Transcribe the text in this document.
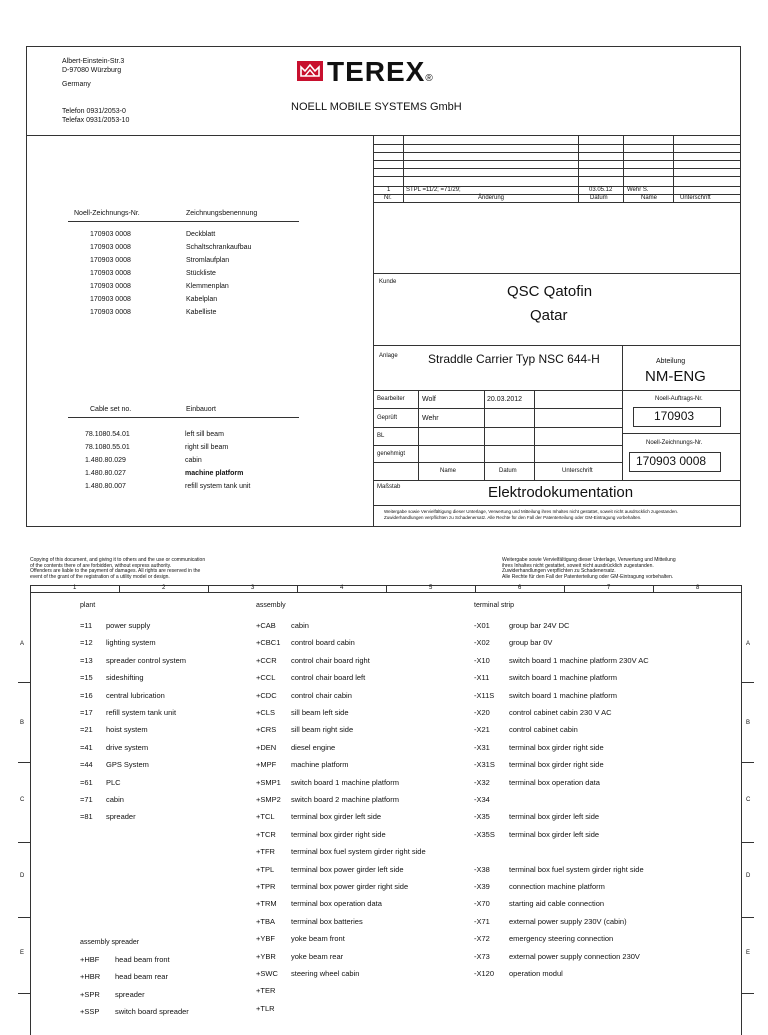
Albert-Einstein-Str.3
D-97080 Würzburg
Germany
Telefon 0931/2053-0
Telefax 0931/2053-10
TEREX®
NOELL MOBILE SYSTEMS GmbH
1	STPL =11/2; =71/29;	03.05.12 Wehr S.
Nr.	Änderung	Datum	Name	Unterschrift
Noell-Zeichnungs-Nr.	Zeichnungsbenennung
170903 0008	Deckblatt
170903 0008	Schaltschrankaufbau
170903 0008	Stromlaufplan
170903 0008	Stückliste
170903 0008	Klemmenplan
170903 0008	Kabelplan
170903 0008	Kabelliste
Cable set no.	Einbauort
78.1080.54.01	left sill beam
78.1080.55.01	right sill beam
1.480.80.029	cabin
1.480.80.027	machine platform
1.480.80.007	refill system tank unit
Kunde
QSC Qatofin
Qatar
Anlage	Straddle Carrier Typ NSC 644-H	Abteilung
NM-ENG
Bearbeiter Wolf	20.03.2012
Geprüft	Wehr
BL
genehmigt
Name	Datum	Unterschrift
Noell-Auftrags-Nr.
170903
Noell-Zeichnungs-Nr.
170903 0008
Maßstab	Elektrodokumentation
Weitergabe sowie Vervielfältigung dieser Unterlage, Verwertung und Mitteilung ihres Inhaltes nicht gestattet, soweit nicht ausdrücklich zugestanden.
Zuwiderhandlungen verpflichten zu Schadenersatz. Alle Rechte für den Fall der Patenterteilung oder GM-Eintragung vorbehalten.
Copying of this document, and giving it to others and the use or communication
of the contents there of are forbidden, without express authority.
Offenders are liable to the payment of damages. All rights are reserved in the
event of the grant of the registration of a utility model or design.
Weitergabe sowie Vervielfältigung dieser Unterlage, Verwertung und Mitteilung
ihres Inhaltes nicht gestattet, soweit nicht ausdrücklich zugestanden.
Zuwiderhandlungen verpflichten zu Schadenersatz.
Alle Rechte für den Fall der Patenterteilung oder GM-Eintragung vorbehalten.
1	2	3	4	5	6	7	8
A	A
B	B
C	C
D	D
E	E
plant	assembly	terminal strip
assembly spreader
=11 power supply
=12 lighting system
=13 spreader control system
=15 sideshifting
=16 central lubrication
=17 refill system tank unit
=21 hoist system
=41 drive system
=44 GPS System
=61 PLC
=71 cabin
=81 spreader
+HBF head beam front
+HBR head beam rear
+SPR spreader
+SSP switch board spreader
+CAB cabin
+CBC1 control board cabin
+CCR control chair board right
+CCL control chair board left
+CDC control chair cabin
+CLS sill beam left side
+CRS sill beam right side
+DEN diesel engine
+MPF machine platform
+SMP1 switch board 1 machine platform
+SMP2 switch board 2 machine platform
+TCL terminal box girder left side
+TCR terminal box girder right side
+TFR terminal box fuel system girder right side
+TPL terminal box power girder left side
+TPR terminal box power girder right side
+TRM terminal box operation data
+TBA terminal box batteries
+YBF yoke beam front
+YBR yoke beam rear
+SWC steering wheel cabin
+TER
+TLR
-X01	group bar 24V DC
-X02	group bar 0V
-X10	switch board 1 machine platform 230V AC
-X11	switch board 1 machine platform
-X11S switch board 1 machine platform
-X20	control cabinet cabin 230 V AC
-X21	control cabinet cabin
-X31	terminal box girder right side
-X31S terminal box girder right side
-X32	terminal box operation data
-X34
-X35	terminal box girder left side
-X35S terminal box girder left side
-X38	terminal box fuel system girder right side
-X39	connection machine platform
-X70	starting aid cable connection
-X71	external power supply 230V (cabin)
-X72	emergency steering connection
-X73	external power supply connection 230V
-X120 operation modul
